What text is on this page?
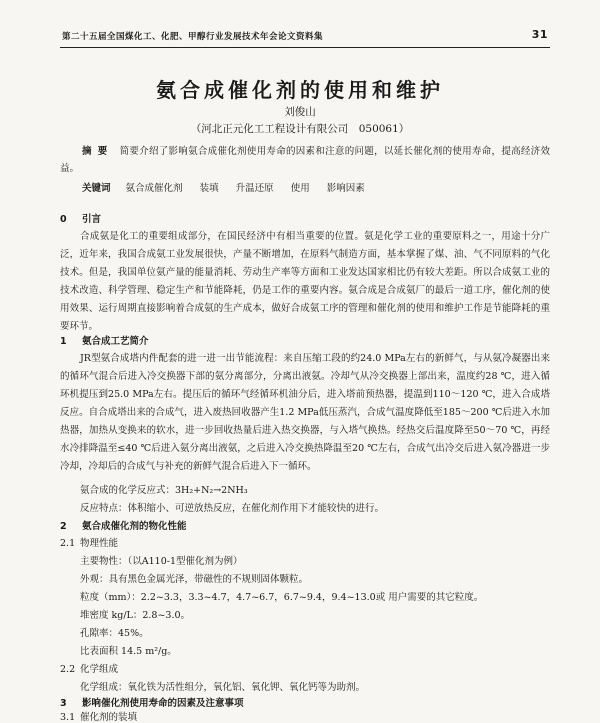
第二十五届全国煤化工、化肥、甲醇行业发展技术年会论文资料集	31
氨合成催化剂的使用和维护
刘俊山
（河北正元化工工程设计有限公司　050061）
摘要 简要介绍了影响氨合成催化剂使用寿命的因素和注意的问题，以延长催化剂的使用寿命，提高经济效益。
关键词 氨合成催化剂 装填 升温还原 使用 影响因素
0 引言
合成氨是化工的重要组成部分，在国民经济中有相当重要的位置。氨是化学工业的重要原料之一，用途十分广泛，近年来，我国合成氨工业发展很快，产量不断增加，在原料气制造方面，基本掌握了煤、油、气不同原料的气化技术。但是，我国单位氨产量的能量消耗、劳动生产率等方面和工业发达国家相比仍有较大差距。所以合成氨工业的技术改造、科学管理、稳定生产和节能降耗，仍是工作的重要内容。氨合成是合成氨厂的最后一道工序，催化剂的使用效果、运行周期直接影响着合成氨的生产成本，做好合成氨工序的管理和催化剂的使用和维护工作是节能降耗的重要环节。
1 氨合成工艺简介
JR型氨合成塔内件配套的进一进一出节能流程：来自压缩工段的约24.0 MPa左右的新鲜气，与从氨冷凝器出来的循环气混合后进入冷交换器下部的氨分离部分，分离出液氨。冷却气从冷交换器上部出来，温度约28 ℃，进入循环机提压到25.0 MPa左右。提压后的循环气经循环机油分后，进入塔前预热器，提温到110～120 ℃，进入合成塔反应。自合成塔出来的合成气，进入废热回收器产生1.2 MPa低压蒸汽，合成气温度降低至185～200 ℃后进入水加热器，加热从变换来的软水，进一步回收热量后进入热交换器，与入塔气换热。经热交后温度降至50～70 ℃，再经水冷排降温至≤40 ℃后进入氨分离出液氨，之后进入冷交换热降温至20 ℃左右，合成气出冷交后进入氨冷器进一步冷却，冷却后的合成气与补充的新鲜气混合后进入下一循环。
氨合成的化学反应式：3H₂+N₂→2NH₃
反应特点：体积缩小、可逆放热反应，在催化剂作用下才能较快的进行。
2 氨合成催化剂的物化性能
2.1 物理性能
主要物性：（以A110-1型催化剂为例）
外观：具有黑色金属光泽，带磁性的不规则固体颗粒。
粒度（mm）：2.2~3.3，3.3~4.7，4.7~6.7，6.7~9.4，9.4~13.0或 用户需要的其它粒度。
堆密度 kg/L：2.8~3.0。
孔隙率：45%。
比表面积 14.5 m²/g。
2.2 化学组成
化学组成：氧化铁为活性组分，氧化铝、氧化钾、氧化钙等为助剂。
3 影响催化剂使用寿命的因素及注意事项
3.1 催化剂的装填
